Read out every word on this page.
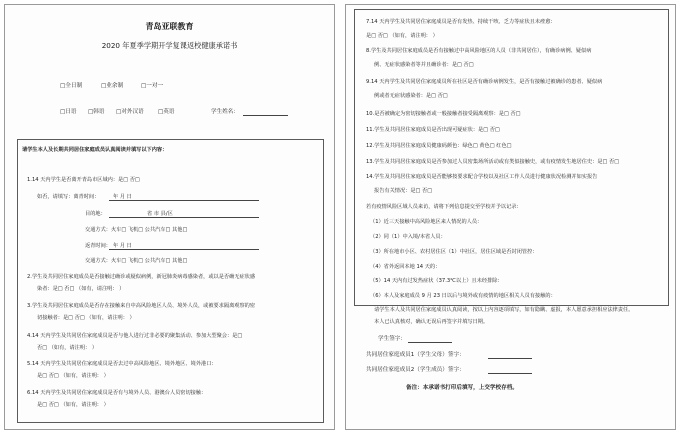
青岛亚联教育
2020 年夏季学期开学复课返校健康承诺书
□全日制	□业余制	□一对一
□日语 □韩语 □对外汉语	□英语	学生姓名：
请学生本人及长期共同居住家庭成员认真阅读并填写以下内容：
1.14 天内学生是否离开青岛市区域内：是□ 否□
如否，请填写：离青时间：	年 月 日
目的地：	省 市 县/区
交通方式：火车□ 飞机□ 公共汽车□ 其他□
返青时间： 年 月 日
交通方式：火车□ 飞机□ 公共汽车□ 其他□
2.学生及共同居住家庭成员是否接触过确诊或疑似病例，新冠肺炎病毒感染者，或以是否确无症状感
染者：是□ 否□ （如有，请注明： ）
3.学生及共同居住家庭成员是否存在接触来自中高风险地区人员、境外人员，或被要求隔离观察的密
切接触者：是□ 否□ （如有，请注明： ）
4.14 天内学生及共同居住家庭成员是否与他人进行过非必要的聚集活动、参加大型聚会：是□
否□ （如有，请注明： ）
5.14 天内学生及共同居住家庭成员是否去过中高风险地区、境外地区、境外港口：
是□ 否□ （如有，请注明： ）
6.14 天内学生及共同居住家庭成员是否有与境外人员、港澳台人员密切接触：
是□ 否□ （如有，请注明： ）
7.14 天内学生及共同居住家庭成员是否有发热、持续干咳、乏力等症状且未痊愈：
是□ 否□ （如有，请注明： ）
8.学生及共同居住家庭成员是否有接触过中高风险地区的人员（非共同居住），有确诊病例、疑似病
例、无症状感染者等并且确诊者：是□ 否□
9.14 天内学生及共同居住家庭成员所在社区是否有确诊病例发生，是否有接触过被确诊的患者、疑似病
例或者无症状感染者：是□ 否□
10.是否被确定为密切接触者或一般接触者接受隔离观察：是□ 否□
11.学生及共同居住家庭成员是否出现可疑症状：是□ 否□
12.学生及共同居住家庭成员健康码颜色：绿色□ 黄色□ 红色□
13.学生及共同居住家庭成员是否参加过人员密集场所活动或有类似接触史，或有疫情发生地居住史：是□ 否□
14.学生及共同居住家庭成员是否能够按要求配合学校以及社区工作人员进行健康状况检测并如实报告
报告有关情况：是□ 否□
若有疫情风险区域人员来访，请将下列信息提交至学校并予以记录：
（1）近三天接触中高风险地区来人情况的人员：
（2）同（1）中入境/本省人员：
（3）所在地市小区、农村居住区（1）中社区，居住区域是否封闭管控：
（4）省外返回本地 14 天的：
（5）14 天内有过发热症状（37.3℃以上）且未经排除：
（6）本人及家庭成员 9 月 23 日以后与境外或有疫情的地区相关人员有接触的：
请学生本人及共同居住家庭成员认真阅读，按以上内容逐项填写，如有隐瞒、虚报，本人愿意承担相应法律责任。
本人已认真核对，确认无误后再签字并填写日期。
学生签字：
共同居住家庭成员1（学生父母）签字：
共同居住家庭成员2（学生成员）签字：
备注：本承诺书打印后填写，上交学校存档。
